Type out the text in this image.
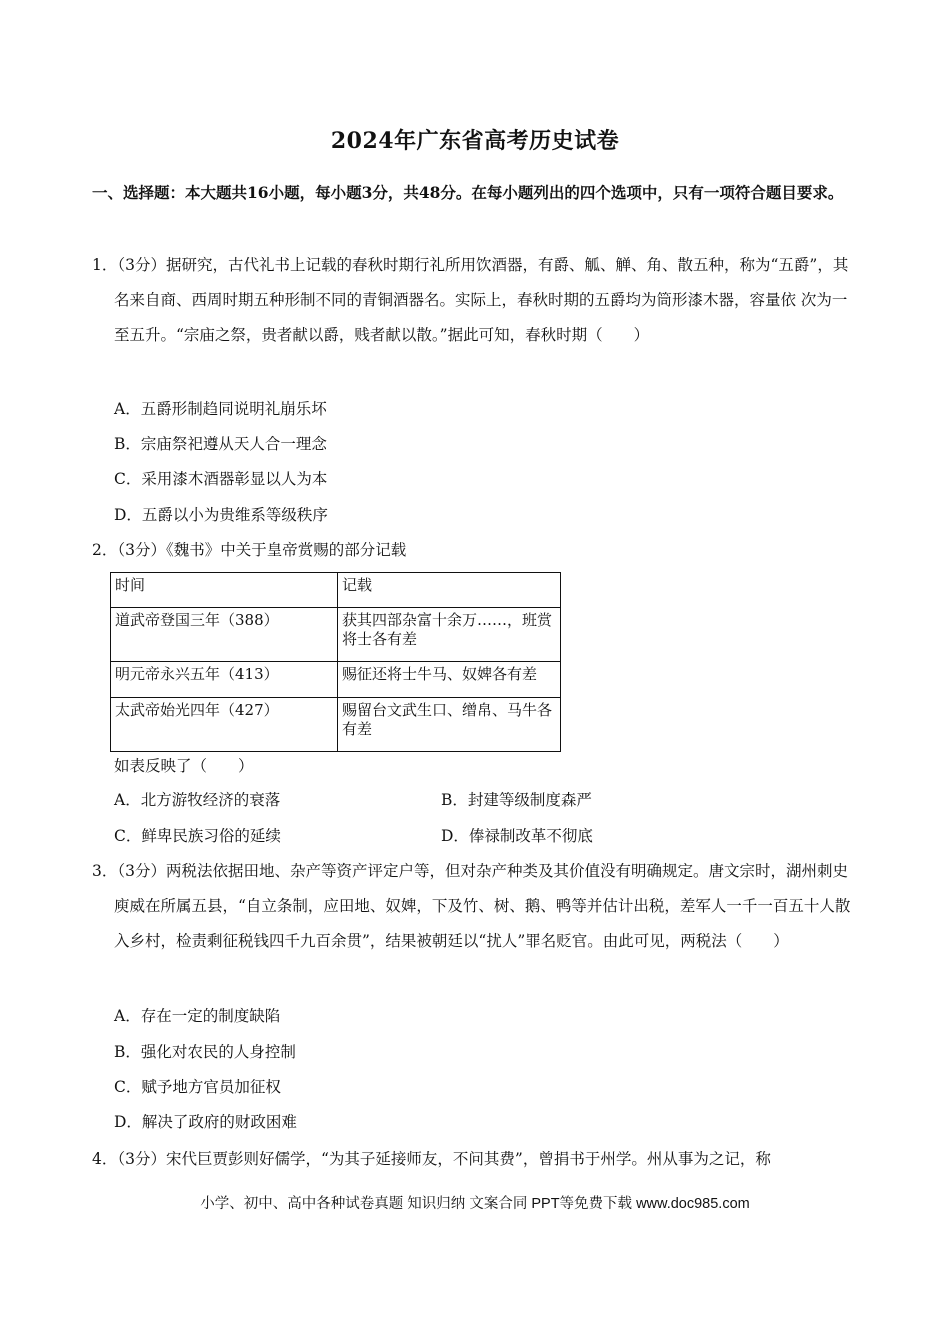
2024年广东省高考历史试卷
一、选择题：本大题共16小题，每小题3分，共48分。在每小题列出的四个选项中，只有一项符合题目要求。
1．（3分）据研究，古代礼书上记载的春秋时期行礼所用饮酒器，有爵、觚、觯、角、散五种，称为“五爵”，其名来自商、西周时期五种形制不同的青铜酒器名。实际上，春秋时期的五爵均为筒形漆木器，容量依 次为一至五升。“宗庙之祭，贵者献以爵，贱者献以散。”据此可知，春秋时期（　　）
A．五爵形制趋同说明礼崩乐坏
B．宗庙祭祀遵从天人合一理念
C．采用漆木酒器彰显以人为本
D．五爵以小为贵维系等级秩序
2．（3分）《魏书》中关于皇帝赏赐的部分记载
时间	记载
道武帝登国三年（388）	获其四部杂富十余万……，班赏将士各有差
明元帝永兴五年（413）	赐征还将士牛马、奴婢各有差
太武帝始光四年（427）	赐留台文武生口、缯帛、马牛各有差
如表反映了（　　）
A．北方游牧经济的衰落	B．封建等级制度森严
C．鲜卑民族习俗的延续	D．俸禄制改革不彻底
3．（3分）两税法依据田地、杂产等资产评定户等，但对杂产种类及其价值没有明确规定。唐文宗时，湖州刺史庾威在所属五县，“自立条制，应田地、奴婢，下及竹、树、鹅、鸭等并估计出税，差军人一千一百五十人散入乡村，检责剩征税钱四千九百余贯”，结果被朝廷以“扰人”罪名贬官。由此可见，两税法（　　）
A．存在一定的制度缺陷
B．强化对农民的人身控制
C．赋予地方官员加征权
D．解决了政府的财政困难
4．（3分）宋代巨贾彭则好儒学，“为其子延接师友，不问其费”，曾捐书于州学。州从事为之记，称
小学、初中、高中各种试卷真题 知识归纳 文案合同 PPT等免费下载 www.doc985.com
